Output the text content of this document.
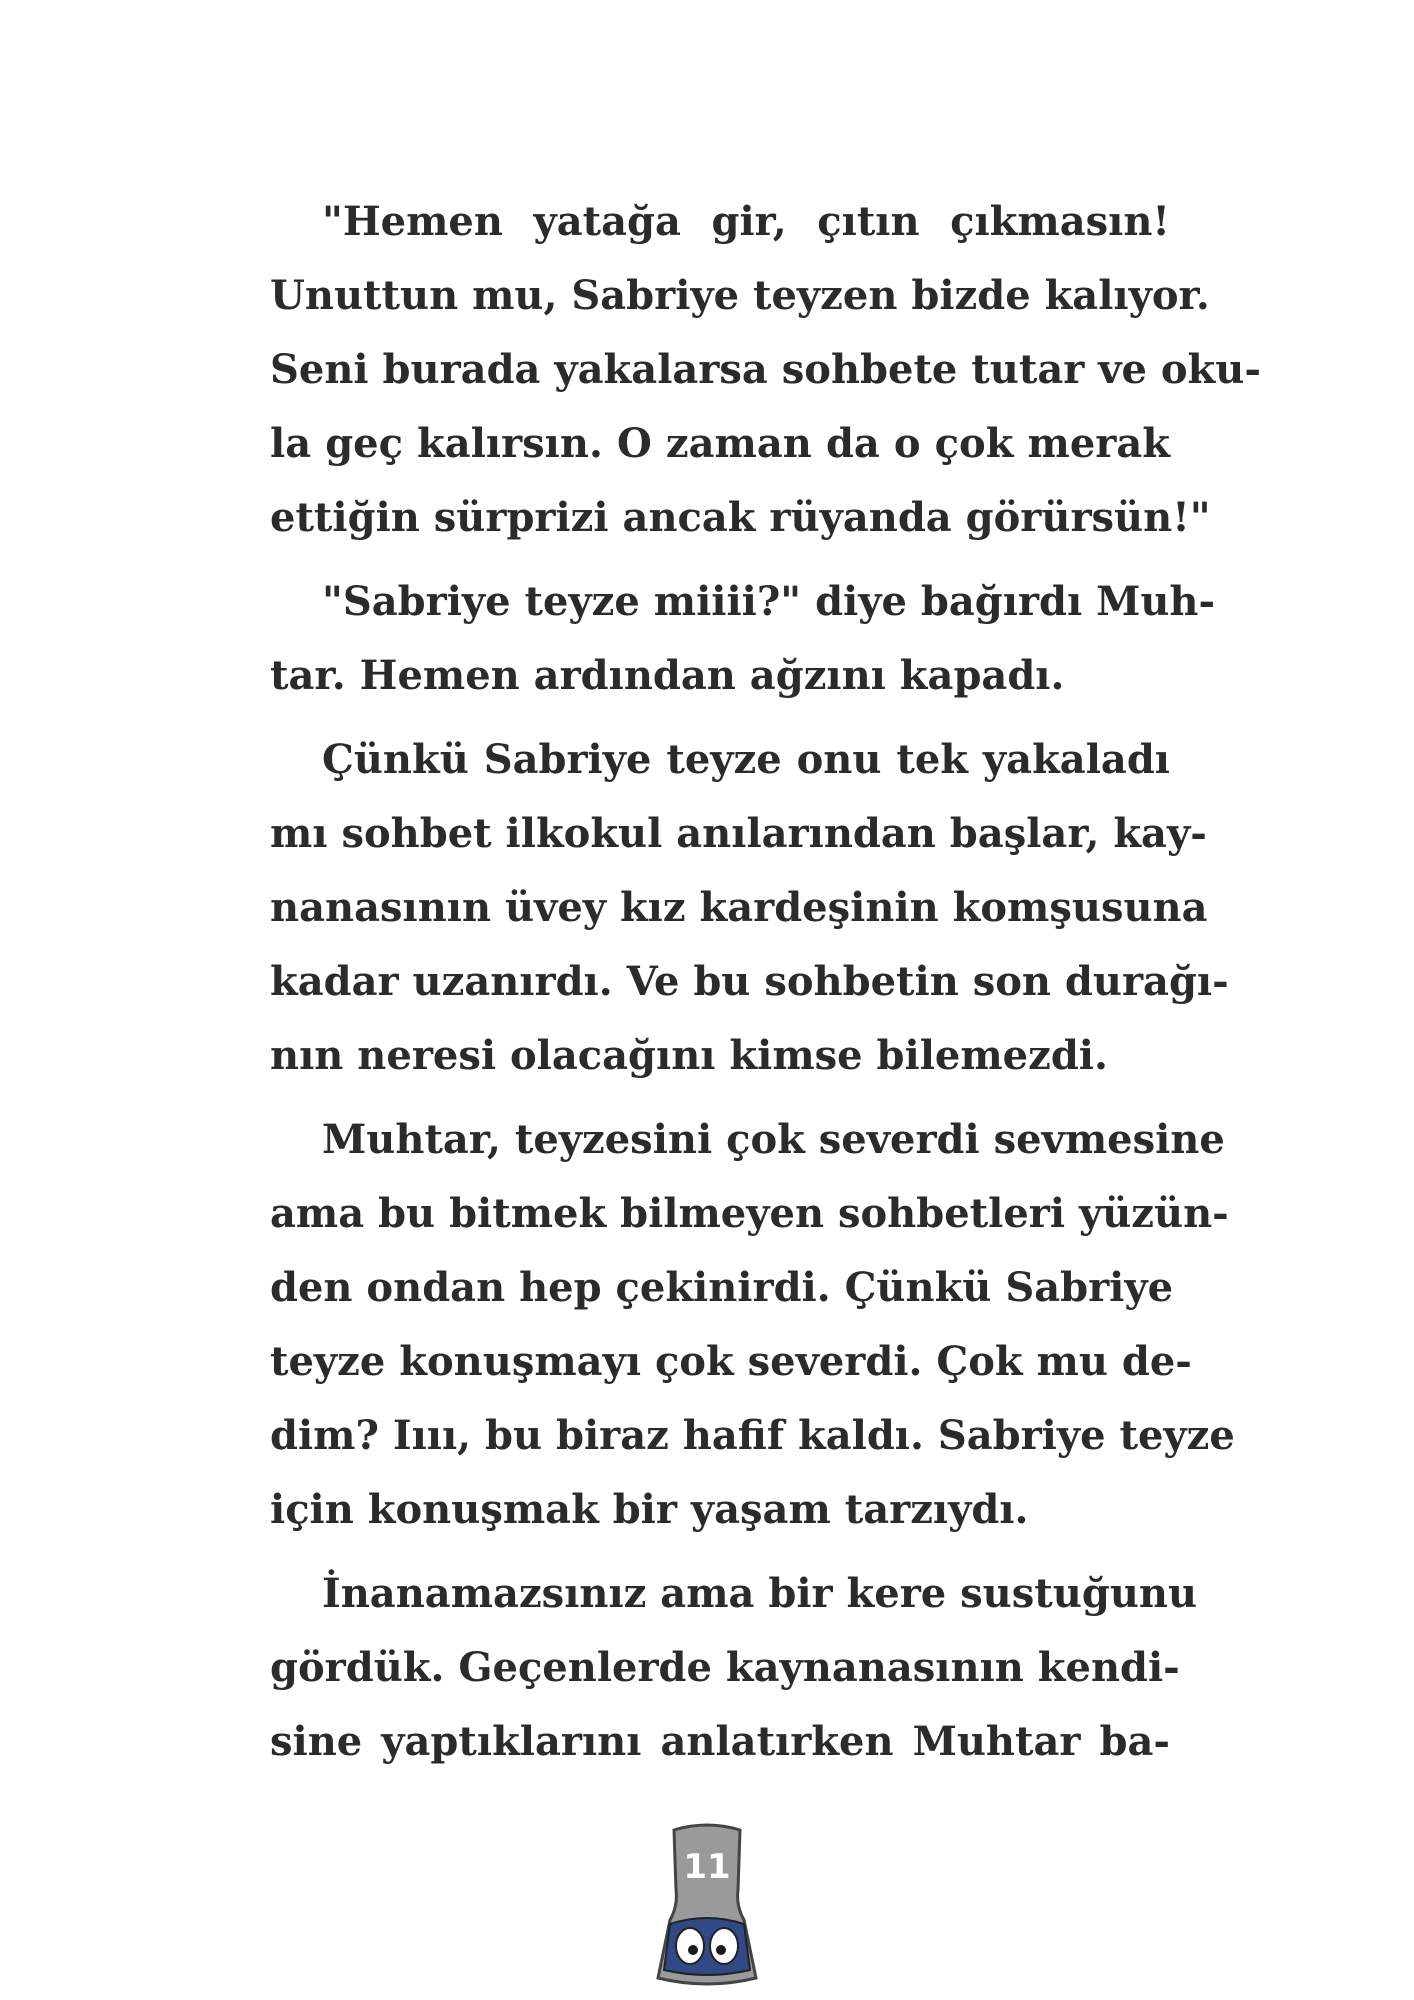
"Hemen yatağa gir, çıtın çıkmasın!
Unuttun mu, Sabriye teyzen bizde kalıyor.
Seni burada yakalarsa sohbete tutar ve oku-
la geç kalırsın. O zaman da o çok merak
ettiğin sürprizi ancak rüyanda görürsün!"

"Sabriye teyze miiii?" diye bağırdı Muh-
tar. Hemen ardından ağzını kapadı.

Çünkü Sabriye teyze onu tek yakaladı
mı sohbet ilkokul anılarından başlar, kay-
nanasının üvey kız kardeşinin komşusuna
kadar uzanırdı. Ve bu sohbetin son durağı-
nın neresi olacağını kimse bilemezdi.

Muhtar, teyzesini çok severdi sevmesine
ama bu bitmek bilmeyen sohbetleri yüzün-
den ondan hep çekinirdi. Çünkü Sabriye
teyze konuşmayı çok severdi. Çok mu de-
dim? Iııı, bu biraz hafif kaldı. Sabriye teyze
için konuşmak bir yaşam tarzıydı.

İnanamazsınız ama bir kere sustuğunu
gördük. Geçenlerde kaynanasının kendi-
sine yaptıklarını anlatırken Muhtar ba-

11
